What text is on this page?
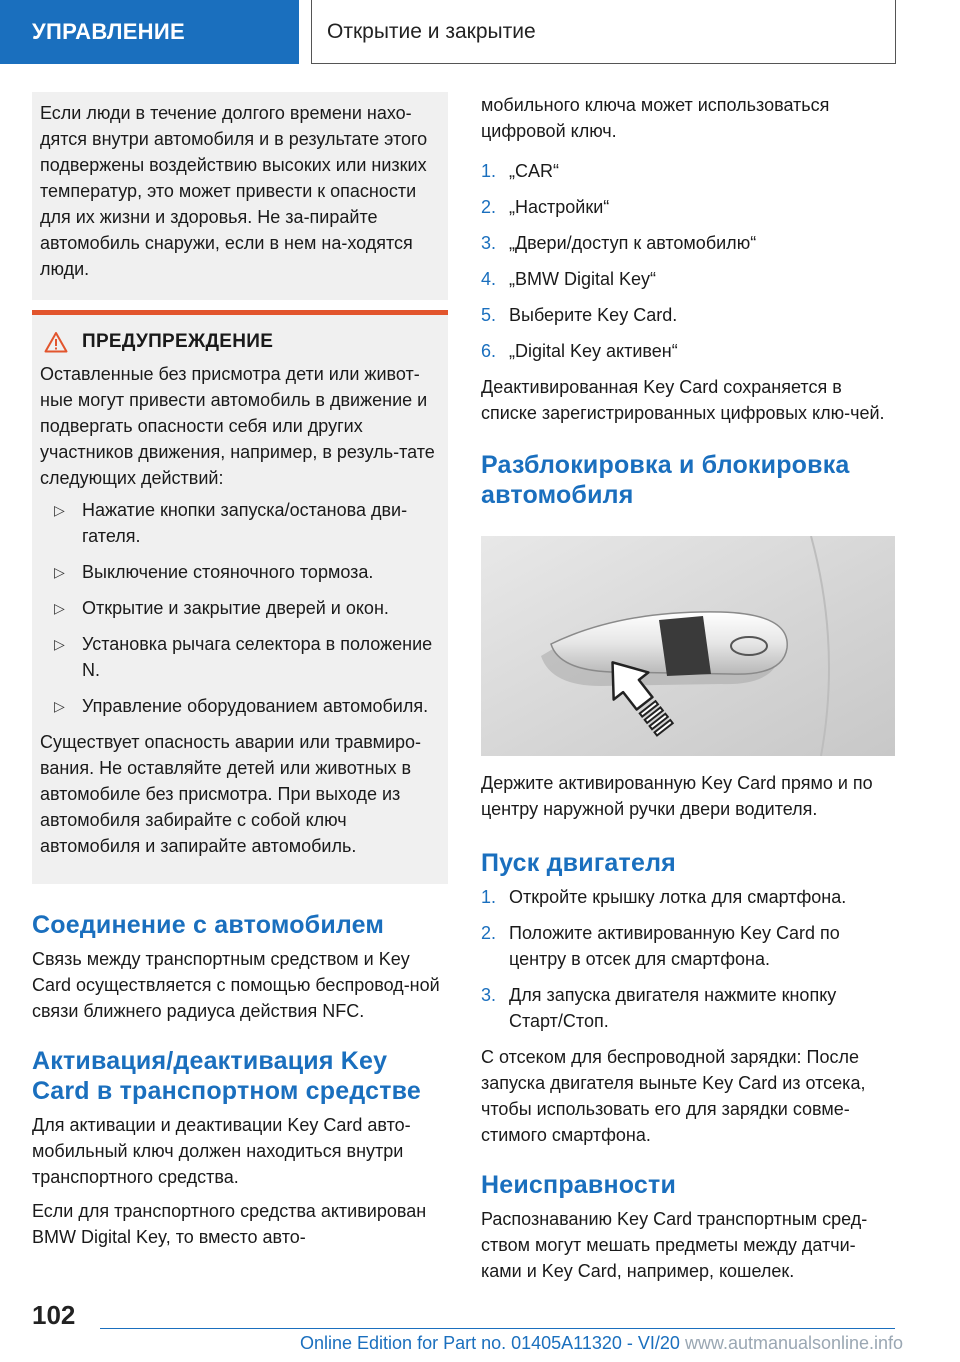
УПРАВЛЕНИЕ	Открытие и закрытие

Если люди в течение долгого времени нахо-дятся внутри автомобиля и в результате этого подвержены воздействию высоких или низких температур, это может привести к опасности для их жизни и здоровья. Не за-пирайте автомобиль снаружи, если в нем на-ходятся люди.

ПРЕДУПРЕЖДЕНИЕ

Оставленные без присмотра дети или живот-ные могут привести автомобиль в движение и подвергать опасности себя или других участников движения, например, в резуль-тате следующих действий:

▷ Нажатие кнопки запуска/останова дви-гателя.
▷ Выключение стояночного тормоза.
▷ Открытие и закрытие дверей и окон.
▷ Установка рычага селектора в положение N.
▷ Управление оборудованием автомобиля.

Существует опасность аварии или травмиро-вания. Не оставляйте детей или животных в автомобиле без присмотра. При выходе из автомобиля забирайте с собой ключ автомобиля и запирайте автомобиль.

Соединение с автомобилем

Связь между транспортным средством и Key Card осуществляется с помощью беспровод-ной связи ближнего радиуса действия NFC.

Активация/деактивация Key Card в транспортном средстве

Для активации и деактивации Key Card авто-мобильный ключ должен находиться внутри транспортного средства.

Если для транспортного средства активирован BMW Digital Key, то вместо авто-

мобильного ключа может использоваться цифровой ключ.

1. „CAR“
2. „Настройки“
3. „Двери/доступ к автомобилю“
4. „BMW Digital Key“
5. Выберите Key Card.
6. „Digital Key активен“

Деактивированная Key Card сохраняется в списке зарегистрированных цифровых клю-чей.

Разблокировка и блокировка автомобиля

Держите активированную Key Card прямо и по центру наружной ручки двери водителя.

Пуск двигателя
1. Откройте крышку лотка для смартфона.
2. Положите активированную Key Card по центру в отсек для смартфона.
3. Для запуска двигателя нажмите кнопку Старт/Стоп.

С отсеком для беспроводной зарядки: После запуска двигателя выньте Key Card из отсека, чтобы использовать его для зарядки совме-стимого смартфона.

Неисправности

Распознаванию Key Card транспортным сред-ством могут мешать предметы между датчи-ками и Key Card, например, кошелек.

102
Online Edition for Part no. 01405A11320 - VI/20 www.autmanualsonline.info
